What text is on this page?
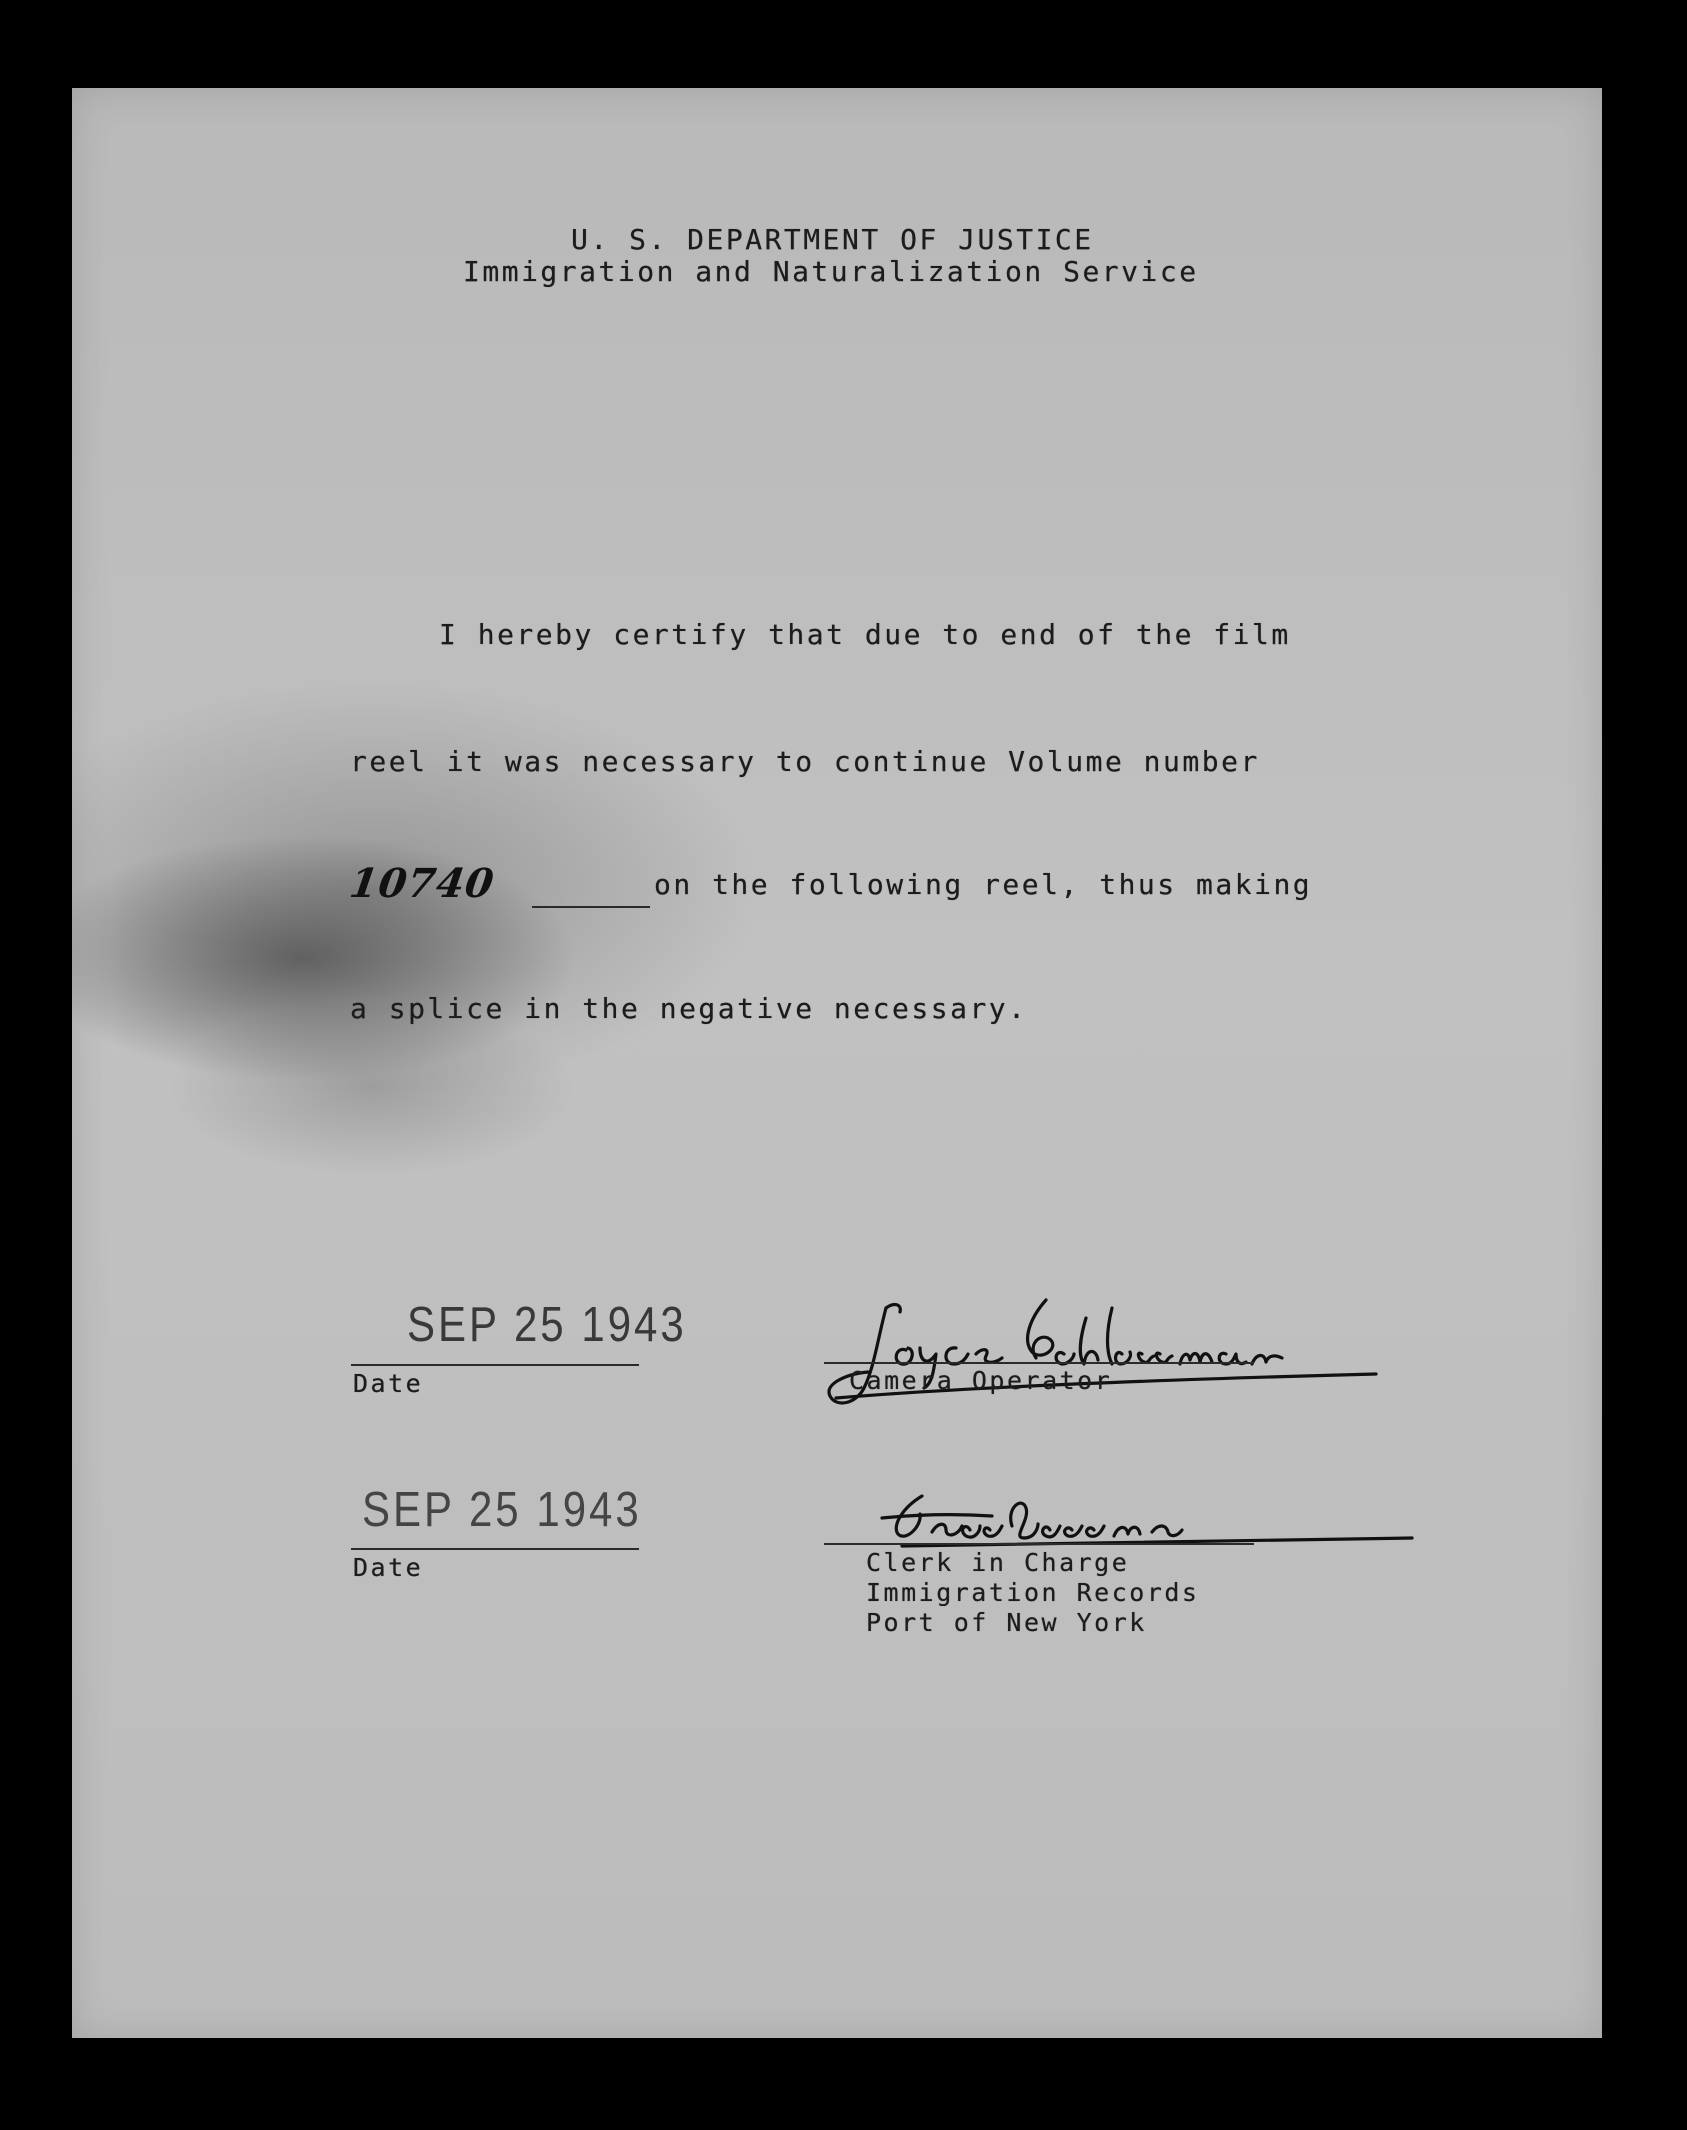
U. S. DEPARTMENT OF JUSTICE
Immigration and Naturalization Service
I hereby certify that due to end of the film
reel it was necessary to continue Volume number
10740	on the following reel, thus making
a splice in the negative necessary.
SEP 25 1943
Date	Camera Operator
SEP 25 1943
Date	Clerk in Charge
Immigration Records
Port of New York
